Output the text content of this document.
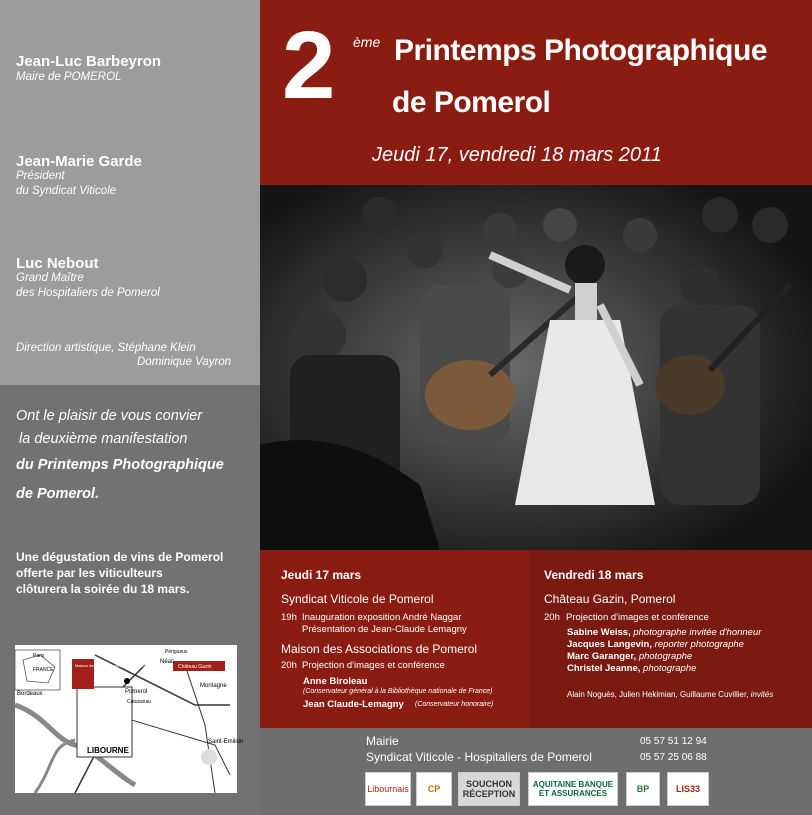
Jean-Luc Barbeyron
Maire de POMEROL
Jean-Marie Garde
Président
du Syndicat Viticole
Luc Nebout
Grand Maître
des Hospitaliers de Pomerol
Direction artistique, Stéphane Klein
Dominique Vayron
Ont le plaisir de vous convier
la deuxième manifestation
du Printemps Photographique
de Pomerol.
Une dégustation de vins de Pomerol
offerte par les viticulteurs
clôturera la soirée du 18 mars.
Maison des Associations Syndicat Viticole	Château Gazin
LIBOURNE
Pomerol
Néac
Montagne
Saint-Emilion
Bordeaux
Paris
FRANCE
Périgueux
Catusseau
2 ème Printemps Photographique
de Pomerol
Jeudi 17, vendredi 18 mars 2011
Jeudi 17 mars
Syndicat Viticole de Pomerol
19h Inauguration exposition André Naggar
Présentation de Jean-Claude Lemagny
Maison des Associations de Pomerol
20h Projection d'images et conférence
Anne Biroleau
(Conservateur général à la Bibliothèque nationale de France)
Jean Claude-Lemagny (Conservateur honoraire)
Vendredi 18 mars
Château Gazin, Pomerol
20h Projection d'images et conférence
Sabine Weiss, photographe invitée d'honneur
Jacques Langevin, reporter photographe
Marc Garanger, photographe
Christel Jeanne, photographe
Alain Noguès, Julien Hekimian, Guillaume Cuvillier, invités
Mairie	05 57 51 12 94
Syndicat Viticole - Hospitaliers de Pomerol	05 57 25 06 88
Libournais	CP	SOUCHON RÉCEPTION
AQUITAINE BANQUE ET ASSURANCES	BP	LIS33
